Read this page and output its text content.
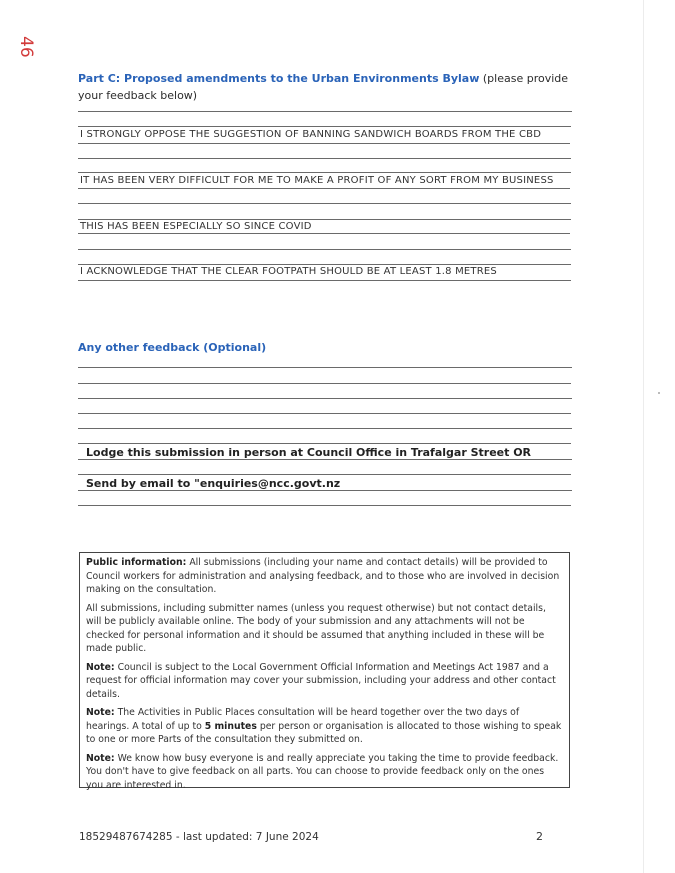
46
Part C: Proposed amendments to the Urban Environments Bylaw (please provide your feedback below)
I STRONGLY OPPOSE THE SUGGESTION OF BANNING SANDWICH BOARDS FROM THE CBD
IT HAS BEEN VERY DIFFICULT FOR ME TO MAKE A PROFIT OF ANY SORT FROM MY BUSINESS
THIS HAS BEEN ESPECIALLY SO SINCE COVID
I ACKNOWLEDGE THAT THE CLEAR FOOTPATH SHOULD BE AT LEAST 1.8 METRES
Any other feedback (Optional)
Lodge this submission in person at Council Office in Trafalgar Street OR
Send by email to "enquiries@ncc.govt.nz

Public information: All submissions (including your name and contact details) will be provided to Council workers for administration and analysing feedback, and to those who are involved in decision making on the consultation.

All submissions, including submitter names (unless you request otherwise) but not contact details, will be publicly available online. The body of your submission and any attachments will not be checked for personal information and it should be assumed that anything included in these will be made public.

Note: Council is subject to the Local Government Official Information and Meetings Act 1987 and a request for official information may cover your submission, including your address and other contact details.

Note: The Activities in Public Places consultation will be heard together over the two days of hearings. A total of up to 5 minutes per person or organisation is allocated to those wishing to speak to one or more Parts of the consultation they submitted on.

Note: We know how busy everyone is and really appreciate you taking the time to provide feedback. You don't have to give feedback on all parts. You can choose to provide feedback only on the ones you are interested in.

18529487674285 - last updated: 7 June 2024	2
